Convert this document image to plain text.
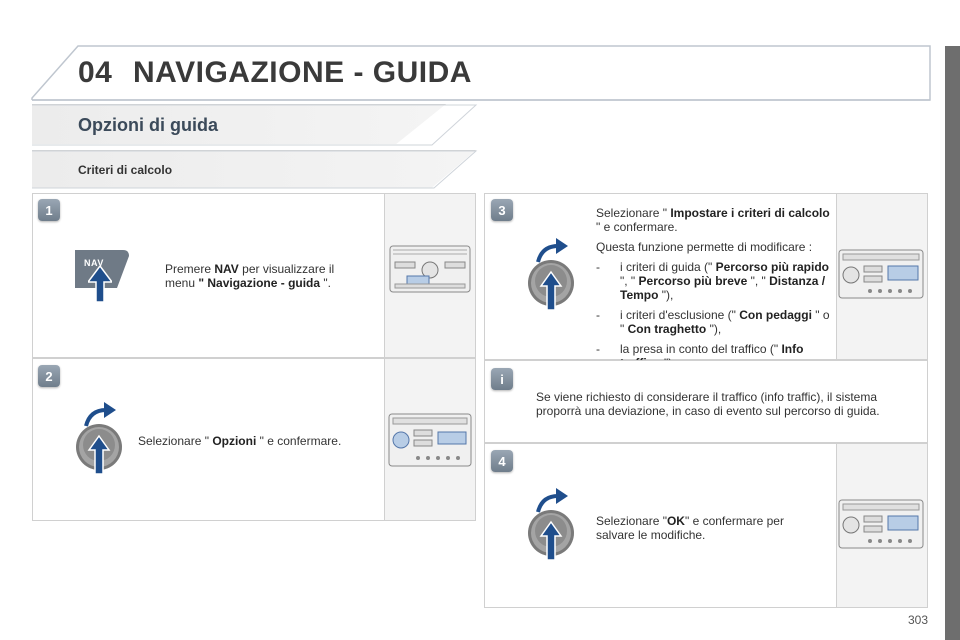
04 NAVIGAZIONE - GUIDA
Opzioni di guida
Criteri di calcolo
1
NAV	Premere NAV per visualizzare il menu " Navigazione - guida ".
2
Selezionare " Opzioni " e confermare.
3	Selezionare " Impostare i criteri di calcolo " e confermare.
Questa funzione permette di modificare :
- i criteri di guida (" Percorso più rapido ", " Percorso più breve ", " Distanza / Tempo "),
- i criteri d'esclusione (" Con pedaggi " o " Con traghetto "),
- la presa in conto del traffico (" Info
i
Se viene richiesto di considerare il traffico (info traffic), il sistema proporrà una deviazione, in caso di evento sul percorso di guida.
4
Selezionare "OK" e confermare per salvare le modifiche.
303
